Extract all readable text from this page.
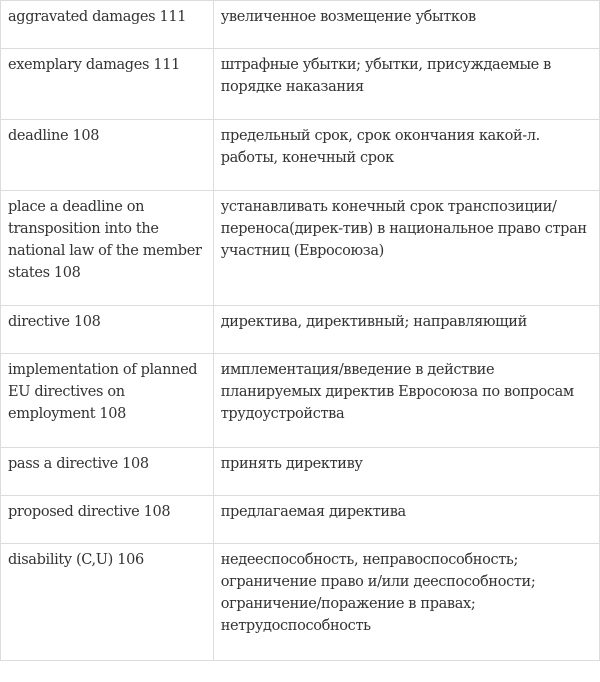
aggravated damages 111	увеличенное возмещение убытков
exemplary damages 111	штрафные убытки; убытки, присуждаемые в порядке наказания
deadline 108	предельный срок, срок окончания какой-л. работы, конечный срок
place a deadline on transposition into the national law of the member states 108	устанавливать конечный срок транспозиции/переноса(дирек-тив) в национальное право стран участниц (Евросоюза)
directive 108	директива, директивный; направляющий
implementation of planned EU directives on employment 108	имплементация/введение в действие планируемых директив Евросоюза по вопросам трудоустройства
pass a directive 108	принять директиву
proposed directive 108	предлагаемая директива
disability (C,U) 106	недееспособность, неправоспособность; ограничение право и/или дееспособности; ограничение/поражение в правах; нетрудоспособность
